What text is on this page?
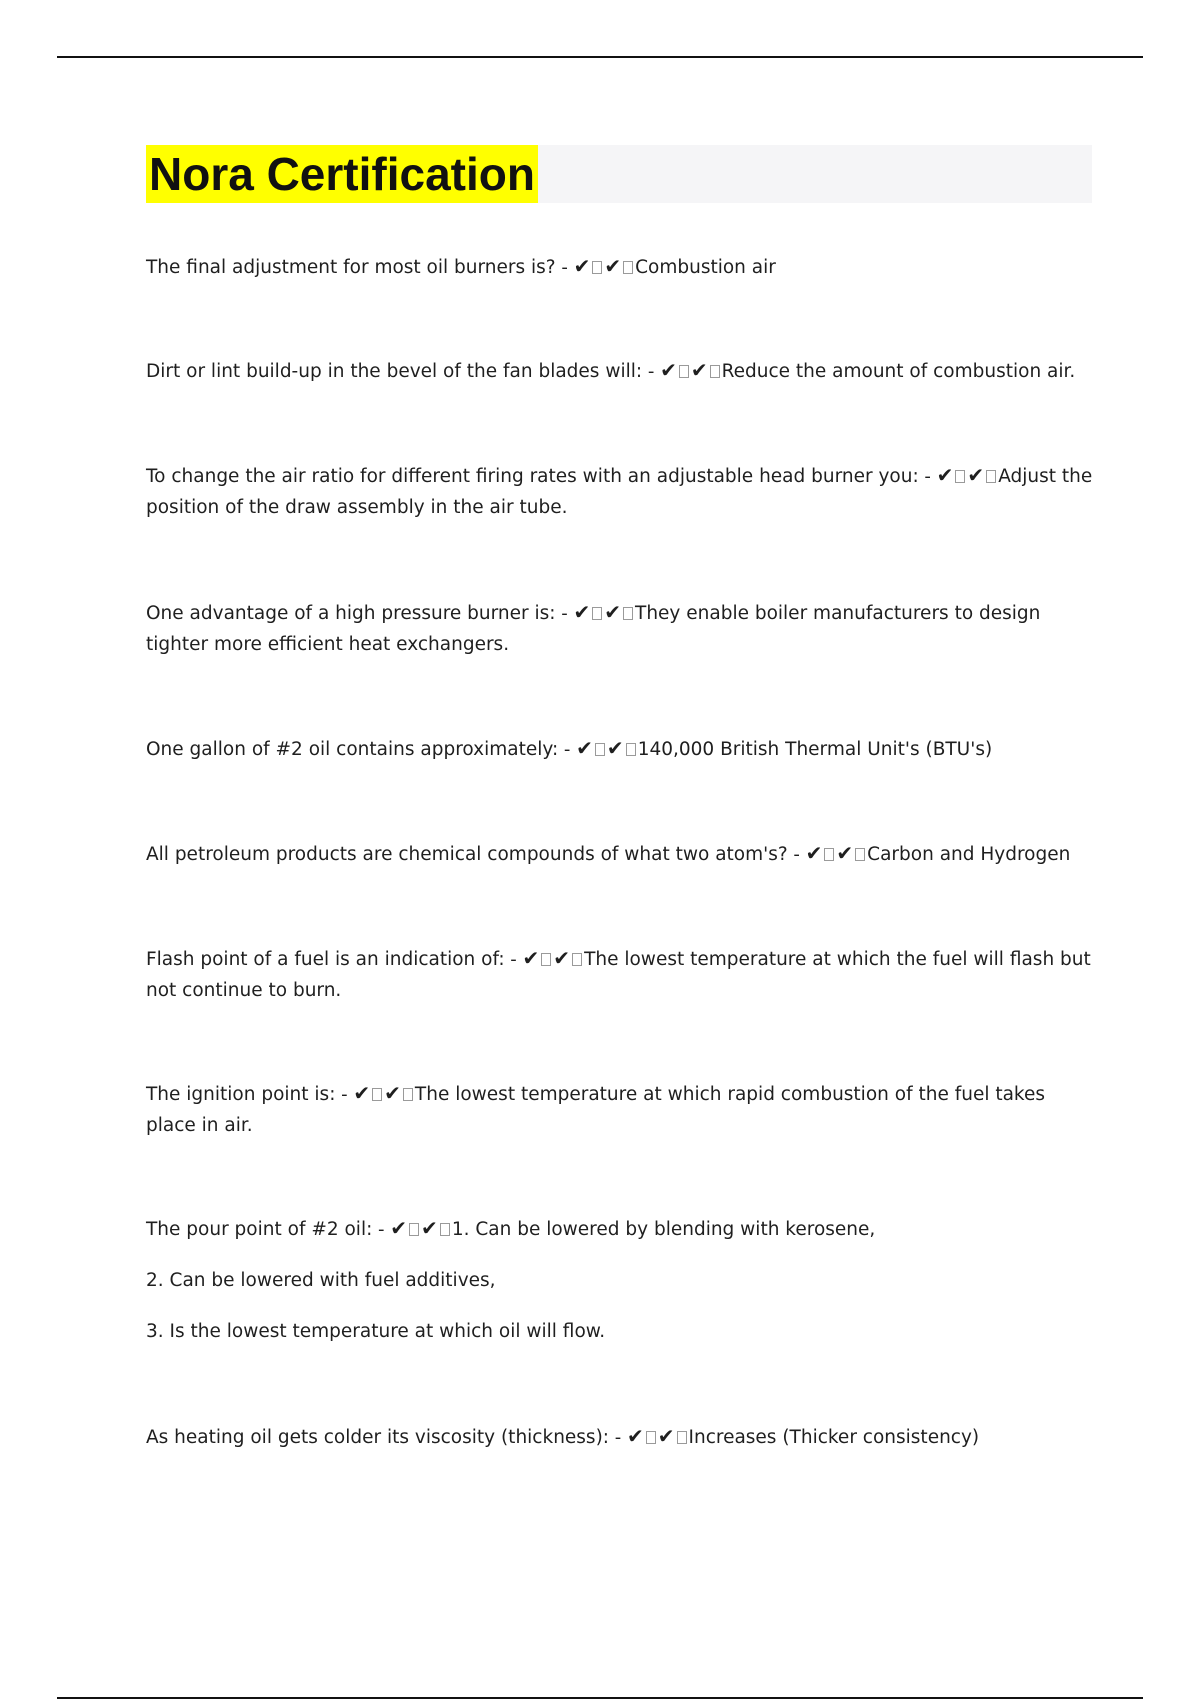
Nora Certification

The final adjustment for most oil burners is? - ✔ ✔ Combustion air

Dirt or lint build-up in the bevel of the fan blades will: - ✔ ✔ Reduce the amount of combustion air.

To change the air ratio for different firing rates with an adjustable head burner you: - ✔ ✔ Adjust the position of the draw assembly in the air tube.

One advantage of a high pressure burner is: - ✔ ✔ They enable boiler manufacturers to design tighter more efficient heat exchangers.

One gallon of #2 oil contains approximately: - ✔ ✔ 140,000 British Thermal Unit's (BTU's)

All petroleum products are chemical compounds of what two atom's? - ✔ ✔ Carbon and Hydrogen

Flash point of a fuel is an indication of: - ✔ ✔ The lowest temperature at which the fuel will flash but not continue to burn.

The ignition point is: - ✔ ✔ The lowest temperature at which rapid combustion of the fuel takes place in air.

The pour point of #2 oil: - ✔ ✔ 1. Can be lowered by blending with kerosene,

2. Can be lowered with fuel additives,

3. Is the lowest temperature at which oil will flow.

As heating oil gets colder its viscosity (thickness): - ✔ ✔ Increases (Thicker consistency)
